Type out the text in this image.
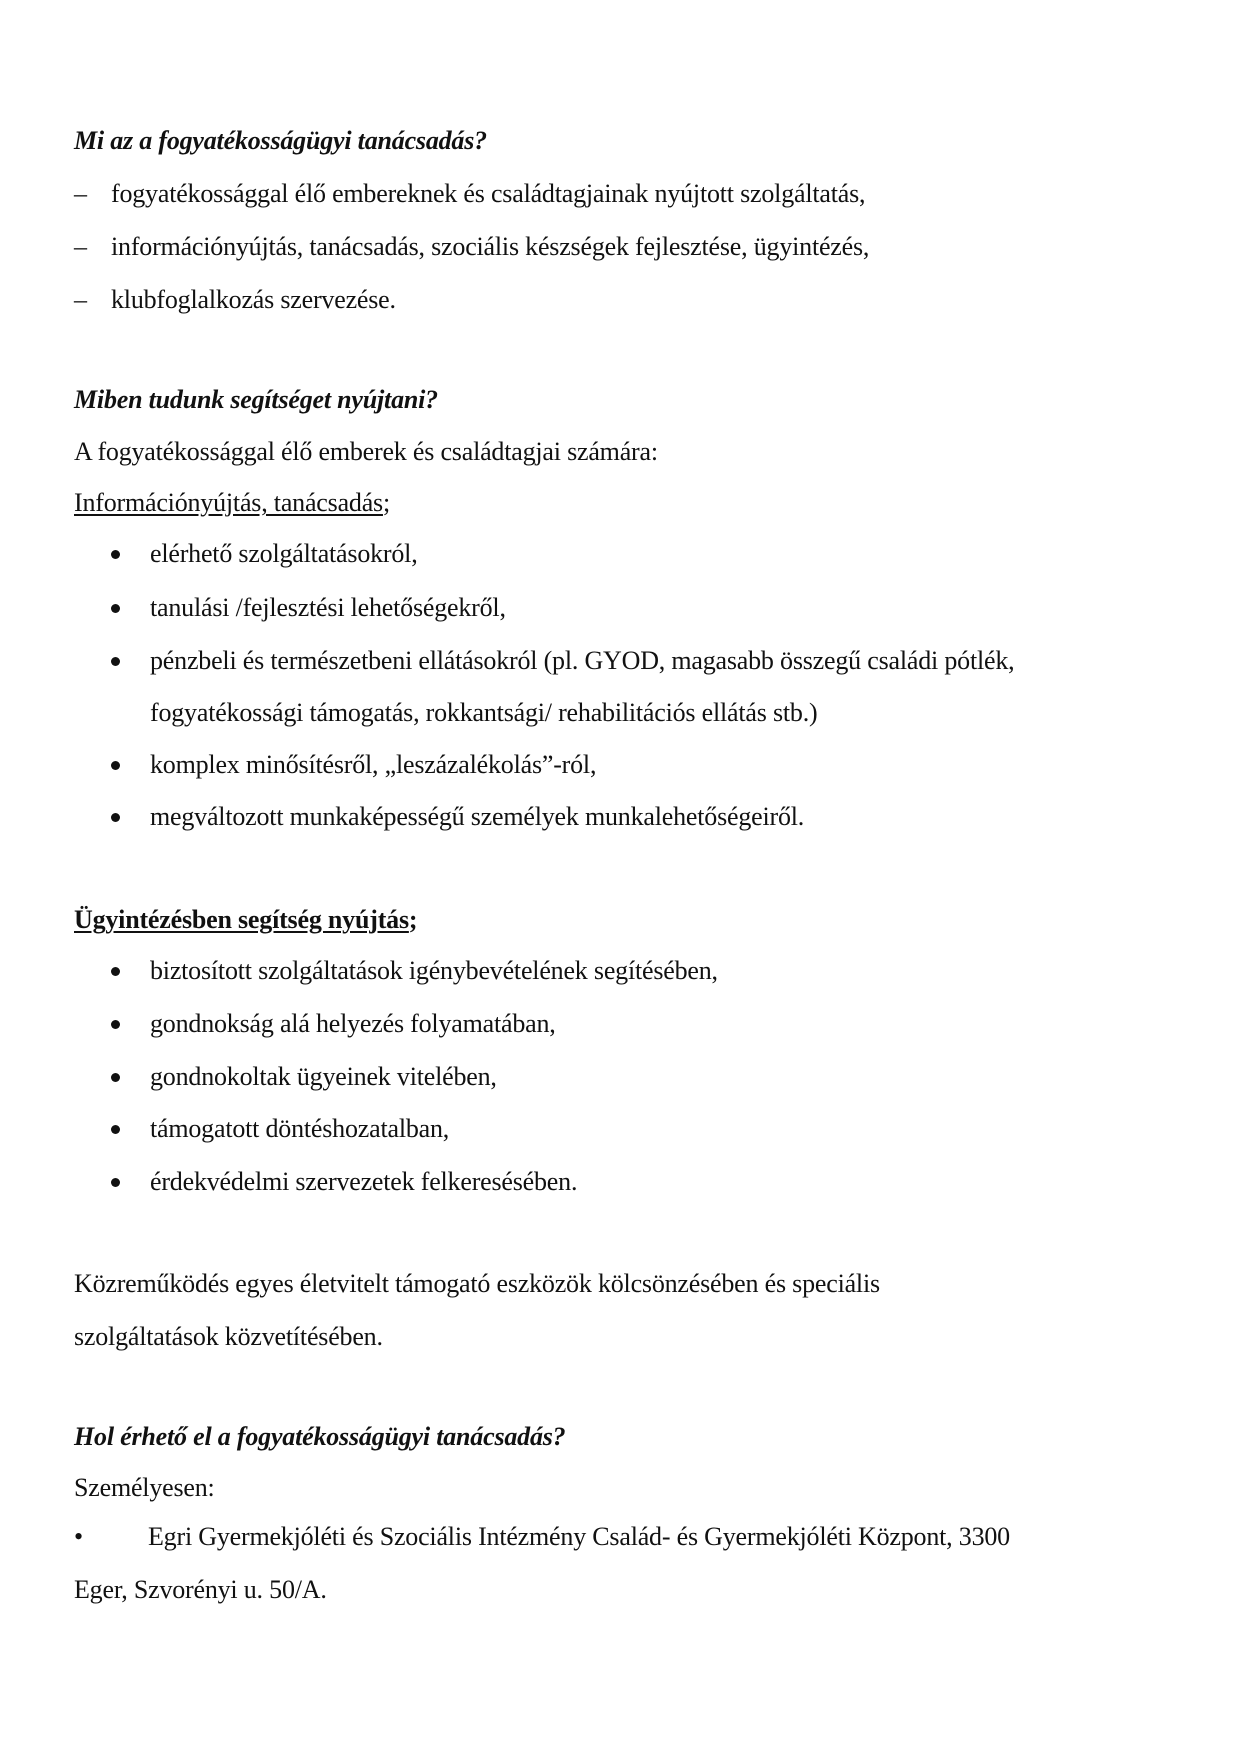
Mi az a fogyatékosságügyi tanácsadás?
– fogyatékossággal élő embereknek és családtagjainak nyújtott szolgáltatás,
– információnyújtás, tanácsadás, szociális készségek fejlesztése, ügyintézés,
– klubfoglalkozás szervezése.
Miben tudunk segítséget nyújtani?
A fogyatékossággal élő emberek és családtagjai számára:
Információnyújtás, tanácsadás;
elérhető szolgáltatásokról,
tanulási /fejlesztési lehetőségekről,
pénzbeli és természetbeni ellátásokról (pl. GYOD, magasabb összegű családi pótlék,
fogyatékossági támogatás, rokkantsági/ rehabilitációs ellátás stb.)
komplex minősítésről, „leszázalékolás”-ról,
megváltozott munkaképességű személyek munkalehetőségeiről.
Ügyintézésben segítség nyújtás;
biztosított szolgáltatások igénybevételének segítésében,
gondnokság alá helyezés folyamatában,
gondnokoltak ügyeinek vitelében,
támogatott döntéshozatalban,
érdekvédelmi szervezetek felkeresésében.
Közreműködés egyes életvitelt támogató eszközök kölcsönzésében és speciális
szolgáltatások közvetítésében.
Hol érhető el a fogyatékosságügyi tanácsadás?
Személyesen:
•	Egri Gyermekjóléti és Szociális Intézmény Család- és Gyermekjóléti Központ, 3300
Eger, Szvorényi u. 50/A.
